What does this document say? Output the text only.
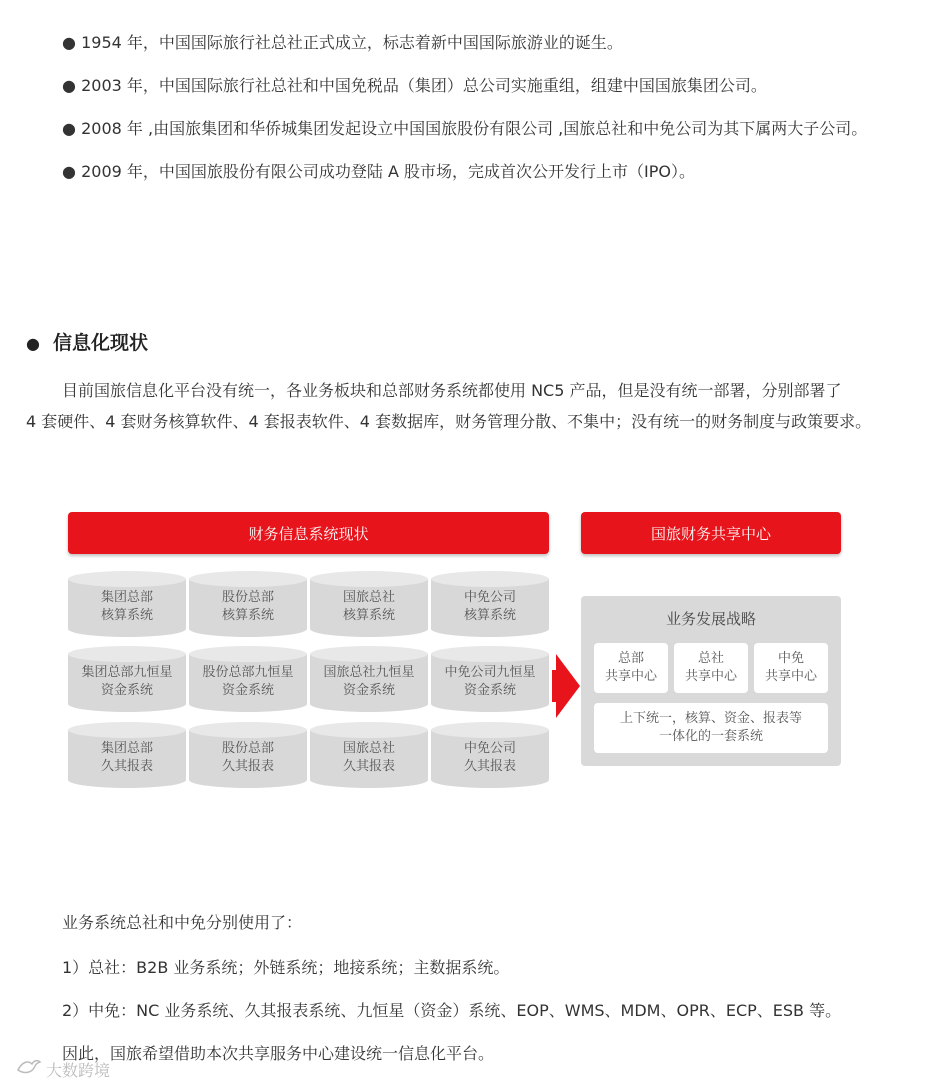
● 1954 年，中国国际旅行社总社正式成立，标志着新中国国际旅游业的诞生。
● 2003 年，中国国际旅行社总社和中国免税品（集团）总公司实施重组，组建中国国旅集团公司。
● 2008 年 ,由国旅集团和华侨城集团发起设立中国国旅股份有限公司 ,国旅总社和中免公司为其下属两大子公司。
● 2009 年，中国国旅股份有限公司成功登陆 A 股市场，完成首次公开发行上市（IPO）。
● 信息化现状
目前国旅信息化平台没有统一，各业务板块和总部财务系统都使用 NC5 产品，但是没有统一部署，分别部署了
4 套硬件、4 套财务核算软件、4 套报表软件、4 套数据库，财务管理分散、不集中；没有统一的财务制度与政策要求。
财务信息系统现状	国旅财务共享中心
集团总部
核算系统
股份总部
核算系统
国旅总社
核算系统
中免公司
核算系统
集团总部九恒星
资金系统
股份总部九恒星
资金系统
国旅总社九恒星
资金系统
中免公司九恒星
资金系统
集团总部
久其报表
股份总部
久其报表
国旅总社
久其报表
中免公司
久其报表
业务发展战略
总部
共享中心
总社
共享中心
中免
共享中心
上下统一，核算、资金、报表等
一体化的一套系统
业务系统总社和中免分别使用了：
1）总社：B2B 业务系统；外链系统；地接系统；主数据系统。
2）中免：NC 业务系统、久其报表系统、九恒星（资金）系统、EOP、WMS、MDM、OPR、ECP、ESB 等。
因此，国旅希望借助本次共享服务中心建设统一信息化平台。
大数跨境
